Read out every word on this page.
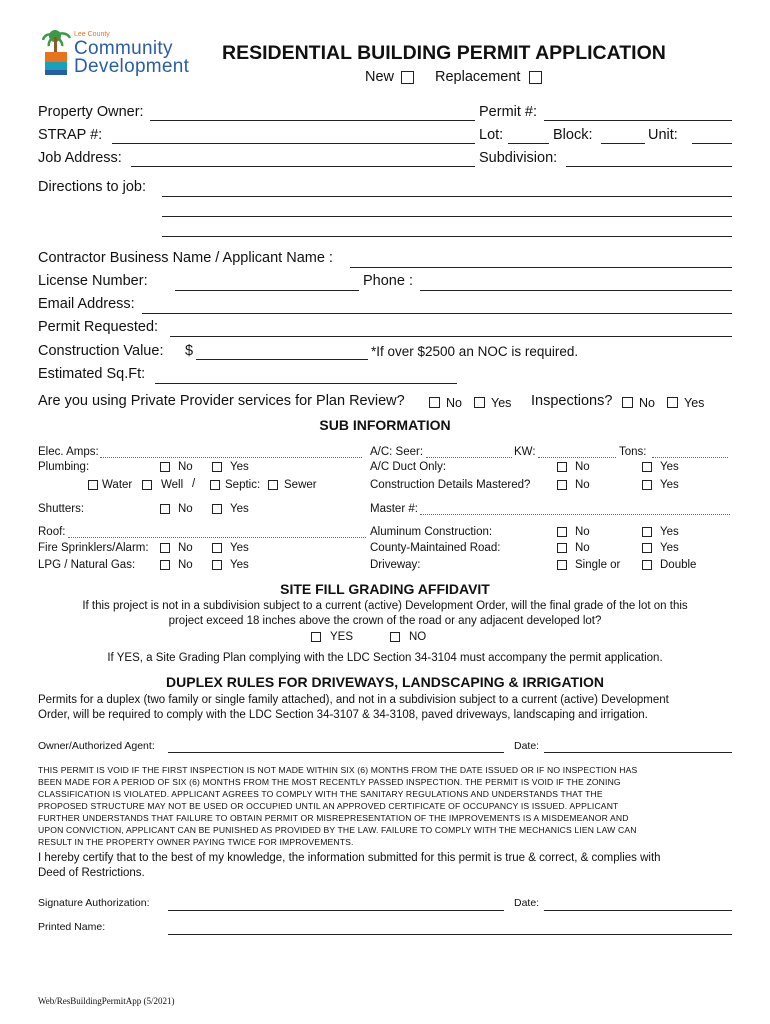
Lee County
Community
Development
RESIDENTIAL BUILDING PERMIT APPLICATION
New	Replacement
Property Owner:	Permit #:
STRAP #:	Lot:	Block:	Unit:
Job Address:	Subdivision:
Directions to job:
Contractor Business Name / Applicant Name :
License Number:	Phone :
Email Address:
Permit Requested:
Construction Value: $	*If over $2500 an NOC is required.
Estimated Sq.Ft:
Are you using Private Provider services for Plan Review?	No Yes Inspections? No Yes
SUB INFORMATION
Elec. Amps:
Plumbing:	No	Yes
Water	Well /	Septic: Sewer
Shutters:	No	Yes
Roof:
Fire Sprinklers/Alarm:	No	Yes
LPG / Natural Gas:	No	Yes
A/C: Seer:	KW:	Tons:
A/C Duct Only:	No	Yes
Construction Details Mastered?	No	Yes
Master #:
Aluminum Construction:	No	Yes
County-Maintained Road:	No	Yes
Driveway:	Single or	Double
SITE FILL GRADING AFFIDAVIT
If this project is not in a subdivision subject to a current (active) Development Order, will the final grade of the lot on this
project exceed 18 inches above the crown of the road or any adjacent developed lot?
YES	NO
If YES, a Site Grading Plan complying with the LDC Section 34-3104 must accompany the permit application.
DUPLEX RULES FOR DRIVEWAYS, LANDSCAPING & IRRIGATION
Permits for a duplex (two family or single family attached), and not in a subdivision subject to a current (active) Development
Order, will be required to comply with the LDC Section 34-3107 & 34-3108, paved driveways, landscaping and irrigation.
Owner/Authorized Agent:	Date:
THIS PERMIT IS VOID IF THE FIRST INSPECTION IS NOT MADE WITHIN SIX (6) MONTHS FROM THE DATE ISSUED OR IF NO INSPECTION HAS
BEEN MADE FOR A PERIOD OF SIX (6) MONTHS FROM THE MOST RECENTLY PASSED INSPECTION. THE PERMIT IS VOID IF THE ZONING
CLASSIFICATION IS VIOLATED. APPLICANT AGREES TO COMPLY WITH THE SANITARY REGULATIONS AND UNDERSTANDS THAT THE
PROPOSED STRUCTURE MAY NOT BE USED OR OCCUPIED UNTIL AN APPROVED CERTIFICATE OF OCCUPANCY IS ISSUED. APPLICANT
FURTHER UNDERSTANDS THAT FAILURE TO OBTAIN PERMIT OR MISREPRESENTATION OF THE IMPROVEMENTS IS A MISDEMEANOR AND
UPON CONVICTION, APPLICANT CAN BE PUNISHED AS PROVIDED BY THE LAW. FAILURE TO COMPLY WITH THE MECHANICS LIEN LAW CAN
RESULT IN THE PROPERTY OWNER PAYING TWICE FOR IMPROVEMENTS.
I hereby certify that to the best of my knowledge, the information submitted for this permit is true & correct, & complies with
Deed of Restrictions.
Signature Authorization:	Date:
Printed Name:
Web/ResBuildingPermitApp (5/2021)
